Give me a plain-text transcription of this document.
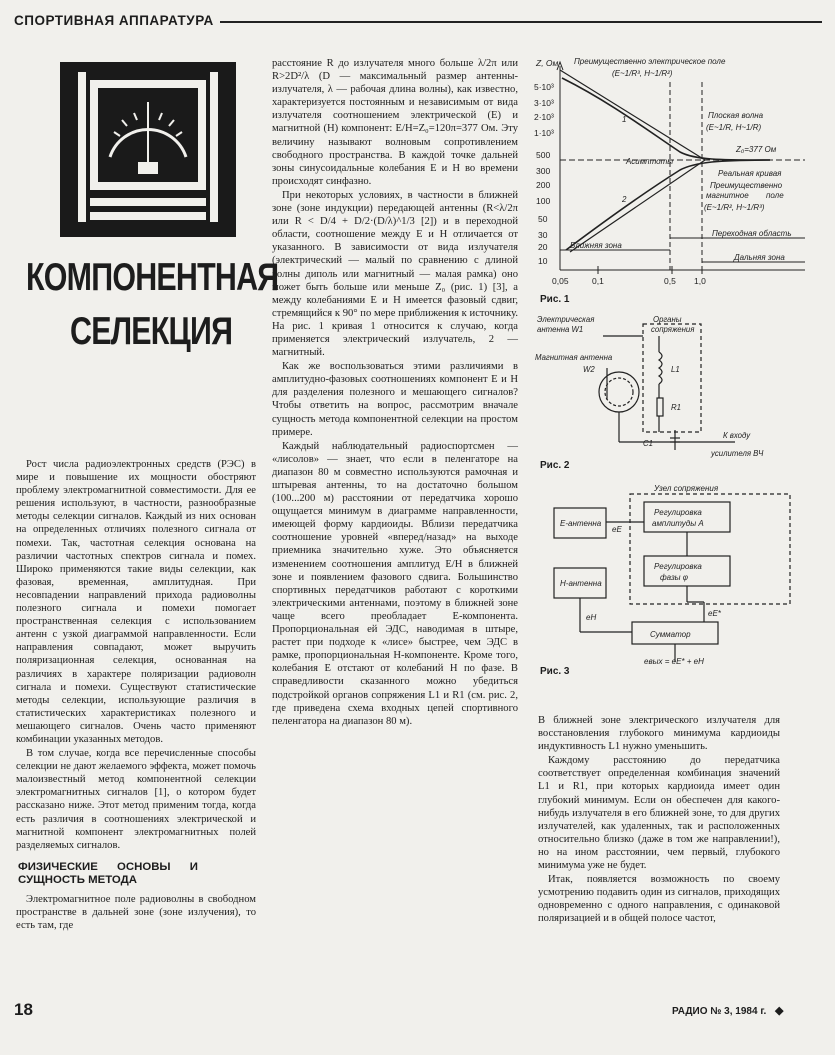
СПОРТИВНАЯ АППАРАТУРА
КОМПОНЕНТНАЯ
СЕЛЕКЦИЯ

Рост числа радиоэлектронных средств (РЭС) в мире и повышение их мощности обостряют проблему электромагнитной совместимости. Для ее решения используют, в частности, разнообразные методы селекции сигналов. Каждый из них основан на определенных отличиях полезного сигнала от помехи. Так, частотная селекция основана на различии частотных спектров сигнала и помех. Широко применяются такие виды селекции, как фазовая, временная, амплитудная. При несовпадении направлений прихода радиоволны полезного сигнала и помехи помогает пространственная селекция с использованием антенн с узкой диаграммой направленности. Если направления совпадают, может выручить поляризационная селекция, основанная на различиях в характере поляризации радиоволн сигнала и помехи. Существуют статистические методы селекции, использующие различия в статистических характеристиках полезного и мешающего сигналов. Очень часто применяют комбинации указанных методов.

В том случае, когда все перечисленные способы селекции не дают желаемого эффекта, может помочь малоизвестный метод компонентной селекции электромагнитных сигналов [1], о котором будет рассказано ниже. Этот метод применим тогда, когда есть различия в соотношениях электрической и магнитной компонент электромагнитных полей разделяемых сигналов.

ФИЗИЧЕСКИЕ ОСНОВЫ И СУЩНОСТЬ МЕТОДА

Электромагнитное поле радиоволны в свободном пространстве в дальней зоне (зоне излучения), то есть там, где

расстояние R до излучателя много больше λ/2π или R>2D²/λ (D — максимальный размер антенны-излучателя, λ — рабочая длина волны), как известно, характеризуется постоянным и независимым от вида излучателя соотношением электрической (E) и магнитной (H) компонент: E/H=Z₀=120π=377 Ом. Эту величину называют волновым сопротивлением свободного пространства. В каждой точке дальней зоны синусоидальные колебания E и H во времени происходят синфазно.

При некоторых условиях, в частности в ближней зоне (зоне индукции) передающей антенны (R<λ/2π или R < D/4 + D/2·(D/λ)^1/3 [2]) и в переходной области, соотношение между E и H отличается от указанного. В зависимости от вида излучателя (электрический — малый по сравнению с длиной волны диполь или магнитный — малая рамка) оно может быть больше или меньше Z₀ (рис. 1) [3], а между колебаниями E и H имеется фазовый сдвиг, стремящийся к 90° по мере приближения к источнику. На рис. 1 кривая 1 относится к случаю, когда применяется электрический излучатель, 2 — магнитный.

Как же воспользоваться этими различиями в амплитудно-фазовых соотношениях компонент E и H для разделения полезного и мешающего сигналов? Чтобы ответить на вопрос, рассмотрим вначале сущность метода компонентной селекции на простом примере.

Каждый наблюдательный радиоспортсмен — «лисолов» — знает, что если в пеленгаторе на диапазон 80 м совместно используются рамочная и штыревая антенны, то на достаточно большом (100...200 м) расстоянии от передатчика хорошо ощущается минимум в диаграмме направленности, имеющей форму кардиоиды. Вблизи передатчика соотношение уровней «вперед/назад» на выходе приемника значительно хуже. Это объясняется изменением соотношения амплитуд E/H в ближней зоне и появлением фазового сдвига. Большинство спортивных передатчиков работают с короткими электрическими антеннами, поэтому в ближней зоне чаще всего преобладает E-компонента. Пропорциональная ей ЭДС, наводимая в штыре, растет при подходе к «лисе» быстрее, чем ЭДС в рамке, пропорциональная H-компоненте. Кроме того, колебания E отстают от колебаний H по фазе. В справедливости сказанного можно убедиться подстройкой органов сопряжения L1 и R1 (см. рис. 2, где приведена схема входных цепей спортивного пеленгатора на диапазон 80 м).

Z, Ом
5·10³
3·10³
2·10³
1·10³
500
300
200
100
50
30
20
10
0,05	0,1	0,5 1,0
Преимущественно электрическое поле
(E~1/R³, H~1/R²)
Плоская волна
(E~1/R, H~1/R)
Асимптоты
Z₀=377 Ом
Реальная кривая
Преимущественно
магнитное поле
(E~1/R², H~1/R³)
Ближняя зона
Переходная область
Дальняя зона
1
2
Рис. 1
Электрическая
антенна W1
Магнитная антенна
W2
Органы
сопряжения
L1
R1
C1
К входу
усилителя ВЧ
Рис. 2
Узел сопряжения
E-антенна
H-антенна
Регулировка
амплитуды A
Регулировка
фазы φ
Сумматор
eE
eH	eE*
eвых = eE* + eH
Рис. 3

В ближней зоне электрического излучателя для восстановления глубокого минимума кардиоиды индуктивность L1 нужно уменьшить.

Каждому расстоянию до передатчика соответствует определенная комбинация значений L1 и R1, при которых кардиоида имеет один глубокий минимум. Если он обеспечен для какого-нибудь излучателя в его ближней зоне, то для других излучателей, как удаленных, так и расположенных относительно близко (даже в том же направлении!), но на ином расстоянии, чем первый, глубокого минимума уже не будет.

Итак, появляется возможность по своему усмотрению подавить один из сигналов, приходящих одновременно с одного направления, с одинаковой поляризацией и в общей полосе частот,

18	РАДИО № 3, 1984 г. ◆
